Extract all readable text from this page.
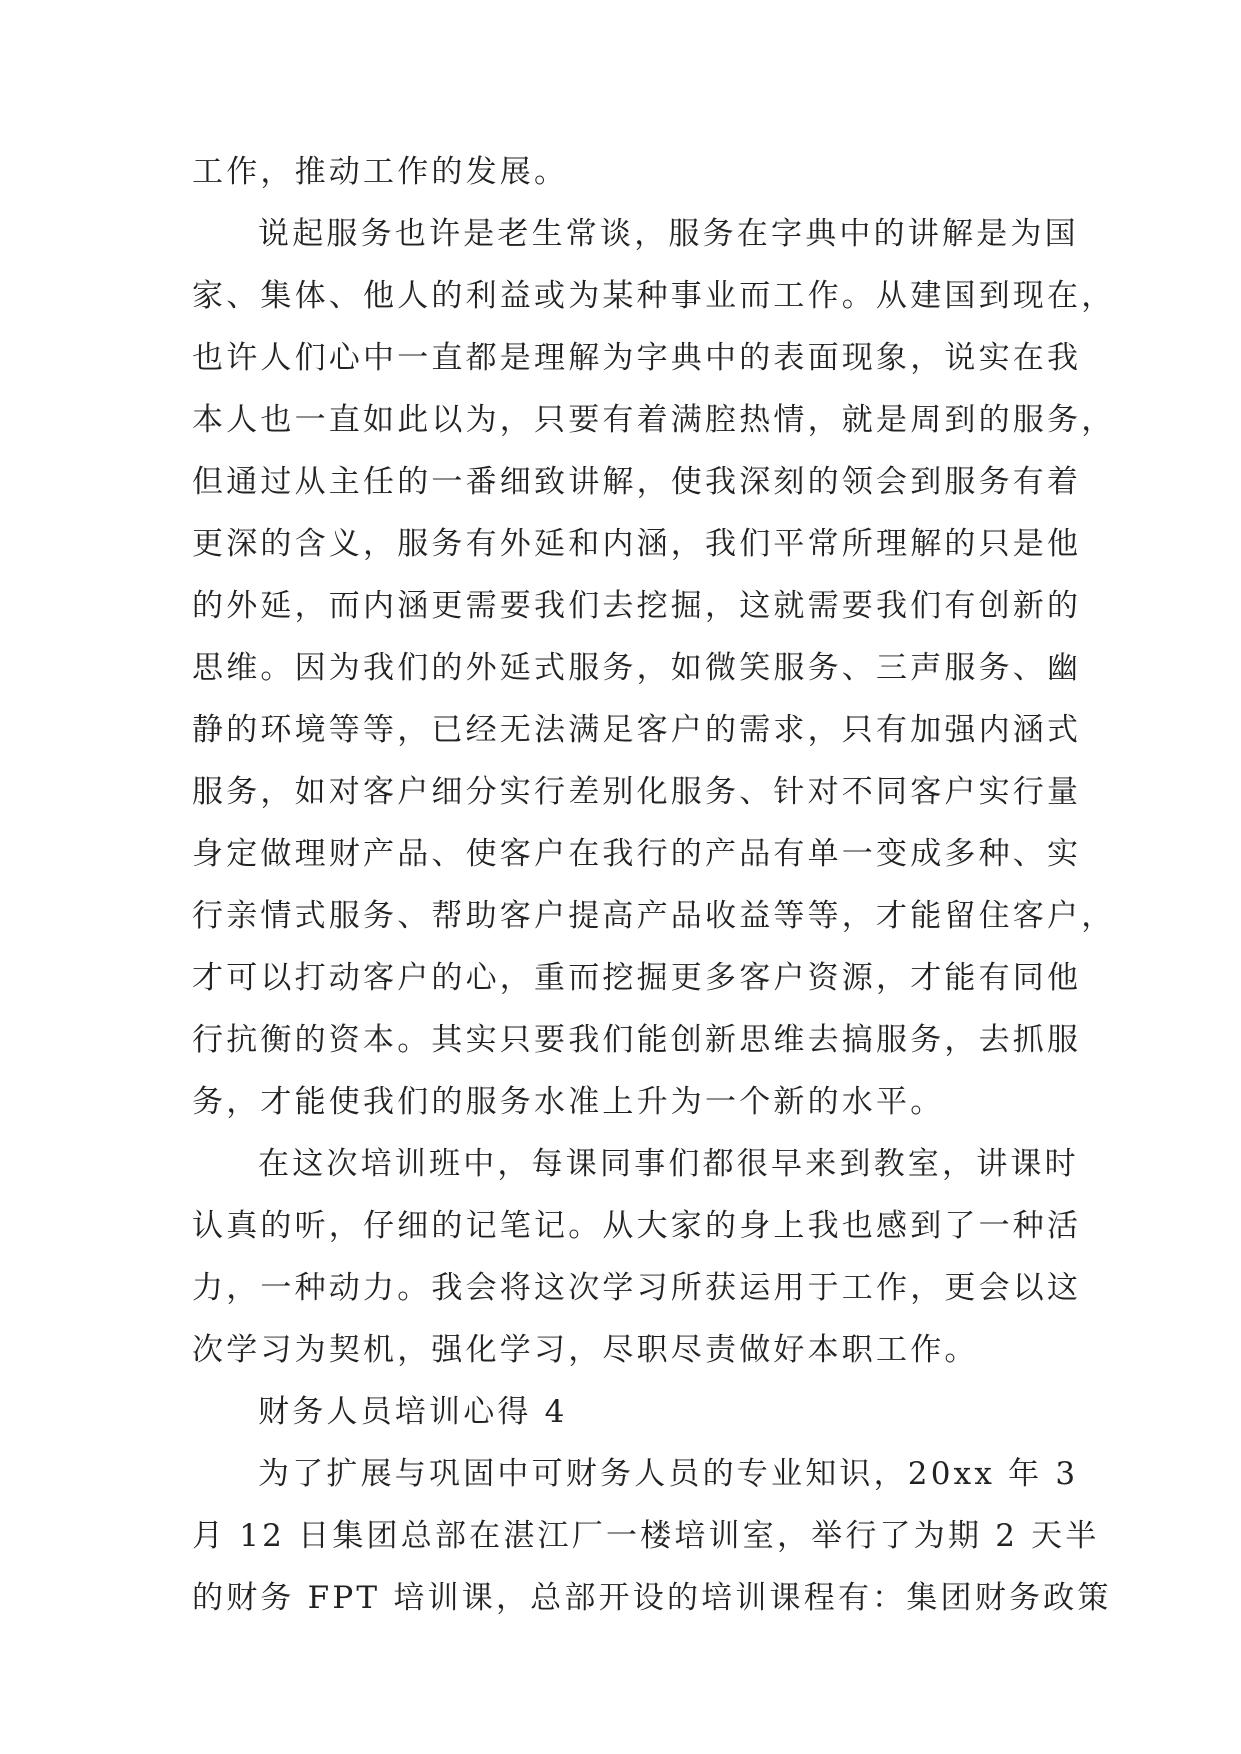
工作，推动工作的发展。
说起服务也许是老生常谈，服务在字典中的讲解是为国
家、集体、他人的利益或为某种事业而工作。从建国到现在，
也许人们心中一直都是理解为字典中的表面现象，说实在我
本人也一直如此以为，只要有着满腔热情，就是周到的服务，
但通过从主任的一番细致讲解，使我深刻的领会到服务有着
更深的含义，服务有外延和内涵，我们平常所理解的只是他
的外延，而内涵更需要我们去挖掘，这就需要我们有创新的
思维。因为我们的外延式服务，如微笑服务、三声服务、幽
静的环境等等，已经无法满足客户的需求，只有加强内涵式
服务，如对客户细分实行差别化服务、针对不同客户实行量
身定做理财产品、使客户在我行的产品有单一变成多种、实
行亲情式服务、帮助客户提高产品收益等等，才能留住客户，
才可以打动客户的心，重而挖掘更多客户资源，才能有同他
行抗衡的资本。其实只要我们能创新思维去搞服务，去抓服
务，才能使我们的服务水准上升为一个新的水平。
在这次培训班中，每课同事们都很早来到教室，讲课时
认真的听，仔细的记笔记。从大家的身上我也感到了一种活
力，一种动力。我会将这次学习所获运用于工作，更会以这
次学习为契机，强化学习，尽职尽责做好本职工作。
财务人员培训心得 4
为了扩展与巩固中可财务人员的专业知识，20xx 年 3
月 12 日集团总部在湛江厂一楼培训室，举行了为期 2 天半
的财务 FPT 培训课，总部开设的培训课程有：集团财务政策
